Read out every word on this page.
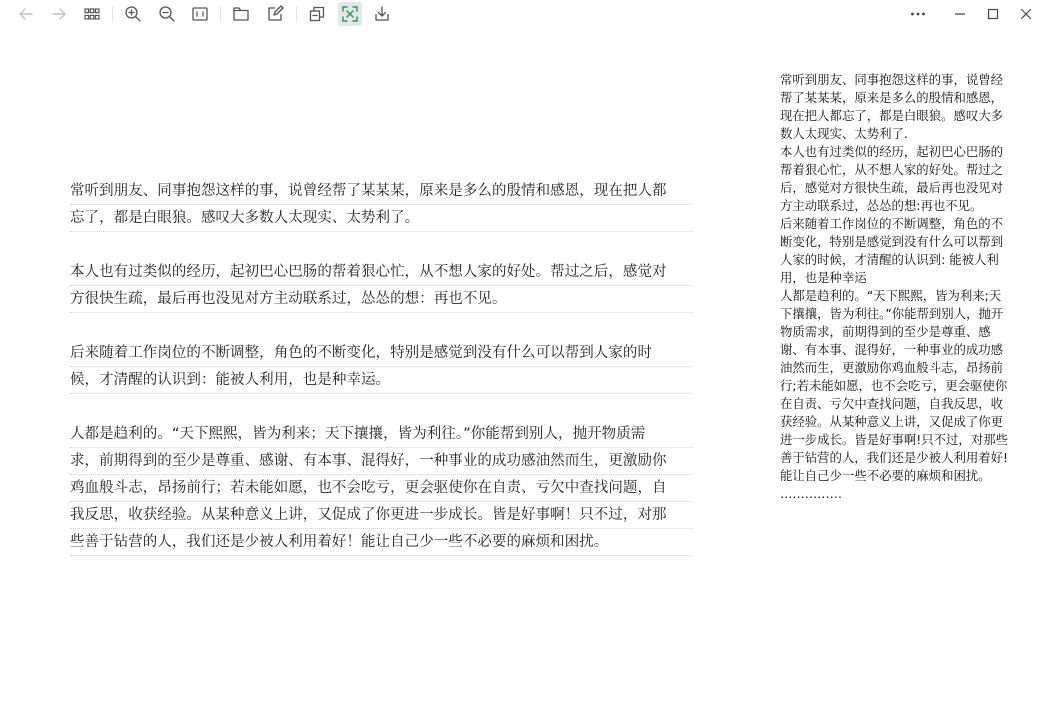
常听到朋友、同事抱怨这样的事，说曾经帮了某某某，原来是多么的殷情和感恩，现在把人都
忘了，都是白眼狼。感叹大多数人太现实、太势利了。
本人也有过类似的经历，起初巴心巴肠的帮着狠心忙，从不想人家的好处。帮过之后，感觉对
方很快生疏，最后再也没见对方主动联系过，怂怂的想：再也不见。
后来随着工作岗位的不断调整，角色的不断变化，特别是感觉到没有什么可以帮到人家的时
候，才清醒的认识到：能被人利用，也是种幸运。
人都是趋利的。“天下熙熙，皆为利来；天下攘攘，皆为利往。”你能帮到别人，抛开物质需
求，前期得到的至少是尊重、感谢、有本事、混得好，一种事业的成功感油然而生，更激励你
鸡血般斗志，昂扬前行；若未能如愿，也不会吃亏，更会驱使你在自责、亏欠中查找问题，自
我反思，收获经验。从某种意义上讲，又促成了你更进一步成长。皆是好事啊！只不过，对那
些善于钻营的人，我们还是少被人利用着好！能让自己少一些不必要的麻烦和困扰。
常听到朋友、同事抱怨这样的事，说曾经
帮了某某某，原来是多么的殷情和感恩，
现在把人都忘了，都是白眼狼。感叹大多
数人太现实、太势利了.
本人也有过类似的经历，起初巴心巴肠的
帮着狠心忙，从不想人家的好处。帮过之
后，感觉对方很快生疏，最后再也没见对
方主动联系过，怂怂的想:再也不见。
后来随着工作岗位的不断调整，角色的不
断变化，特别是感觉到没有什么可以帮到
人家的时候，才清醒的认识到: 能被人利
用，也是种幸运
人都是趋利的。“天下熙熙，皆为利来;天
下攘攘，皆为利往。”你能帮到别人，抛开
物质需求，前期得到的至少是尊重、感
谢、有本事、混得好，一种事业的成功感
油然而生，更激励你鸡血般斗志，昂扬前
行;若未能如愿，也不会吃亏，更会驱使你
在自责、亏欠中查找问题，自我反思，收
获经验。从某种意义上讲，又促成了你更
进一步成长。皆是好事啊!只不过，对那些
善于钻营的人，我们还是少被人利用着好!
能让自己少一些不必要的麻烦和困扰。
……………
